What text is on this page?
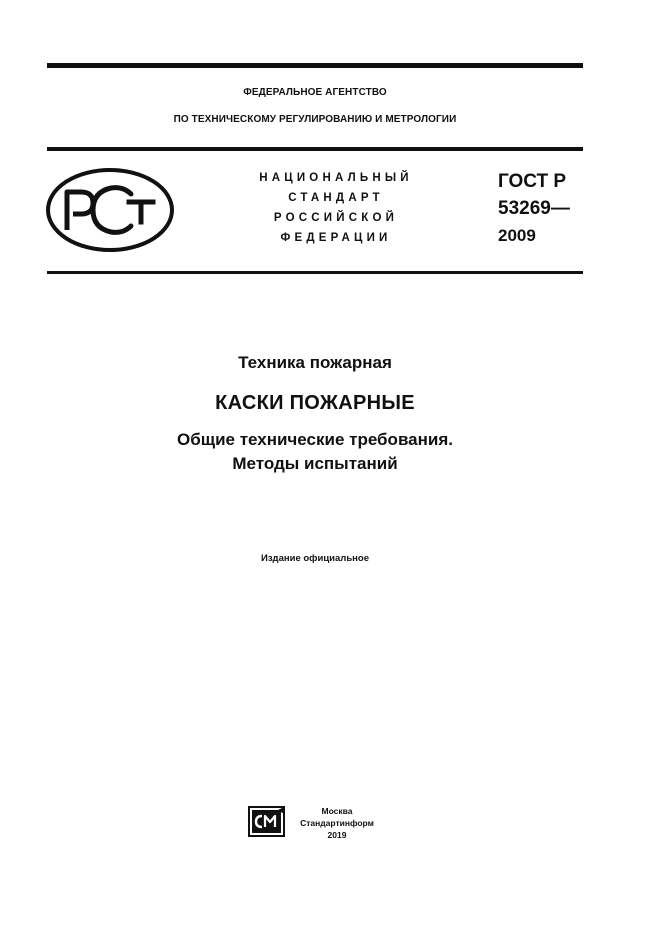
ФЕДЕРАЛЬНОЕ АГЕНТСТВО
ПО ТЕХНИЧЕСКОМУ РЕГУЛИРОВАНИЮ И МЕТРОЛОГИИ
НАЦИОНАЛЬНЫЙ
СТАНДАРТ
РОССИЙСКОЙ
ФЕДЕРАЦИИ
ГОСТ Р
53269—
2009
Техника пожарная
КАСКИ ПОЖАРНЫЕ
Общие технические требования.
Методы испытаний
Издание официальное
Москва
Стандартинформ
2019
